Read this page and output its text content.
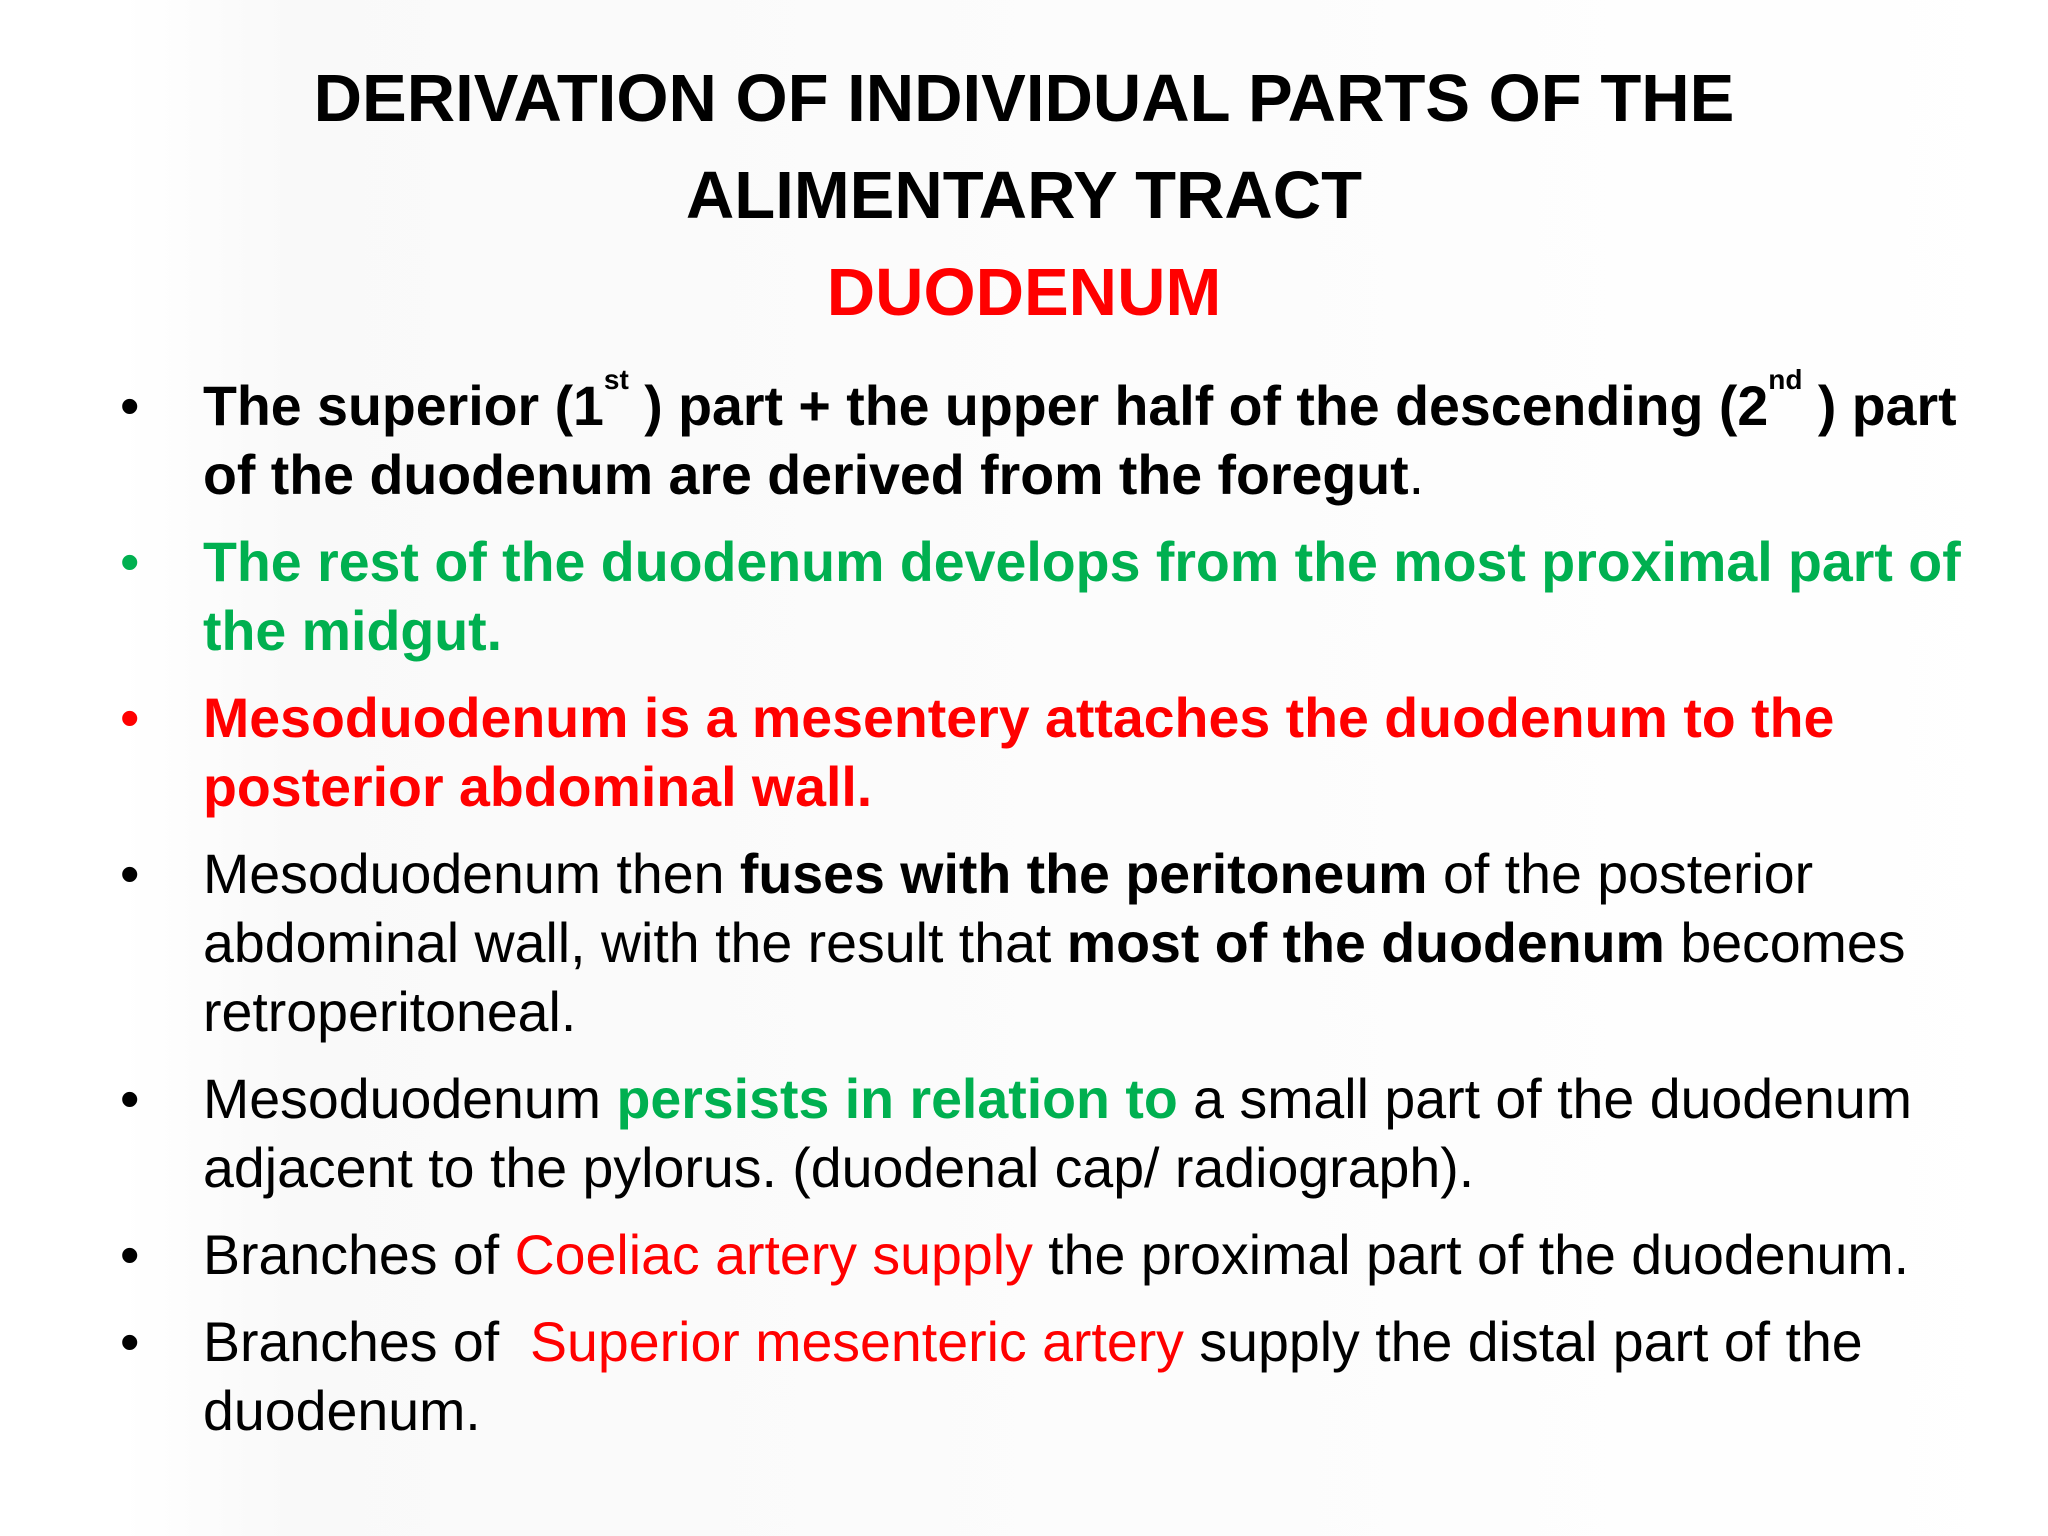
DERIVATION OF INDIVIDUAL PARTS OF THE
ALIMENTARY TRACT
DUODENUM
•	The superior (1st ) part + the upper half of the descending (2nd ) part of the duodenum are derived from the foregut.
•	The rest of the duodenum develops from the most proximal part of the midgut.
•	Mesoduodenum is a mesentery attaches the duodenum to the posterior abdominal wall.
•	Mesoduodenum then fuses with the peritoneum of the posterior abdominal wall, with the result that most of the duodenum becomes retroperitoneal.
•	Mesoduodenum persists in relation to a small part of the duodenum adjacent to the pylorus. (duodenal cap/ radiograph).
•	Branches of Coeliac artery supply the proximal part of the duodenum.
•	Branches of  Superior mesenteric artery supply the distal part of the duodenum.
